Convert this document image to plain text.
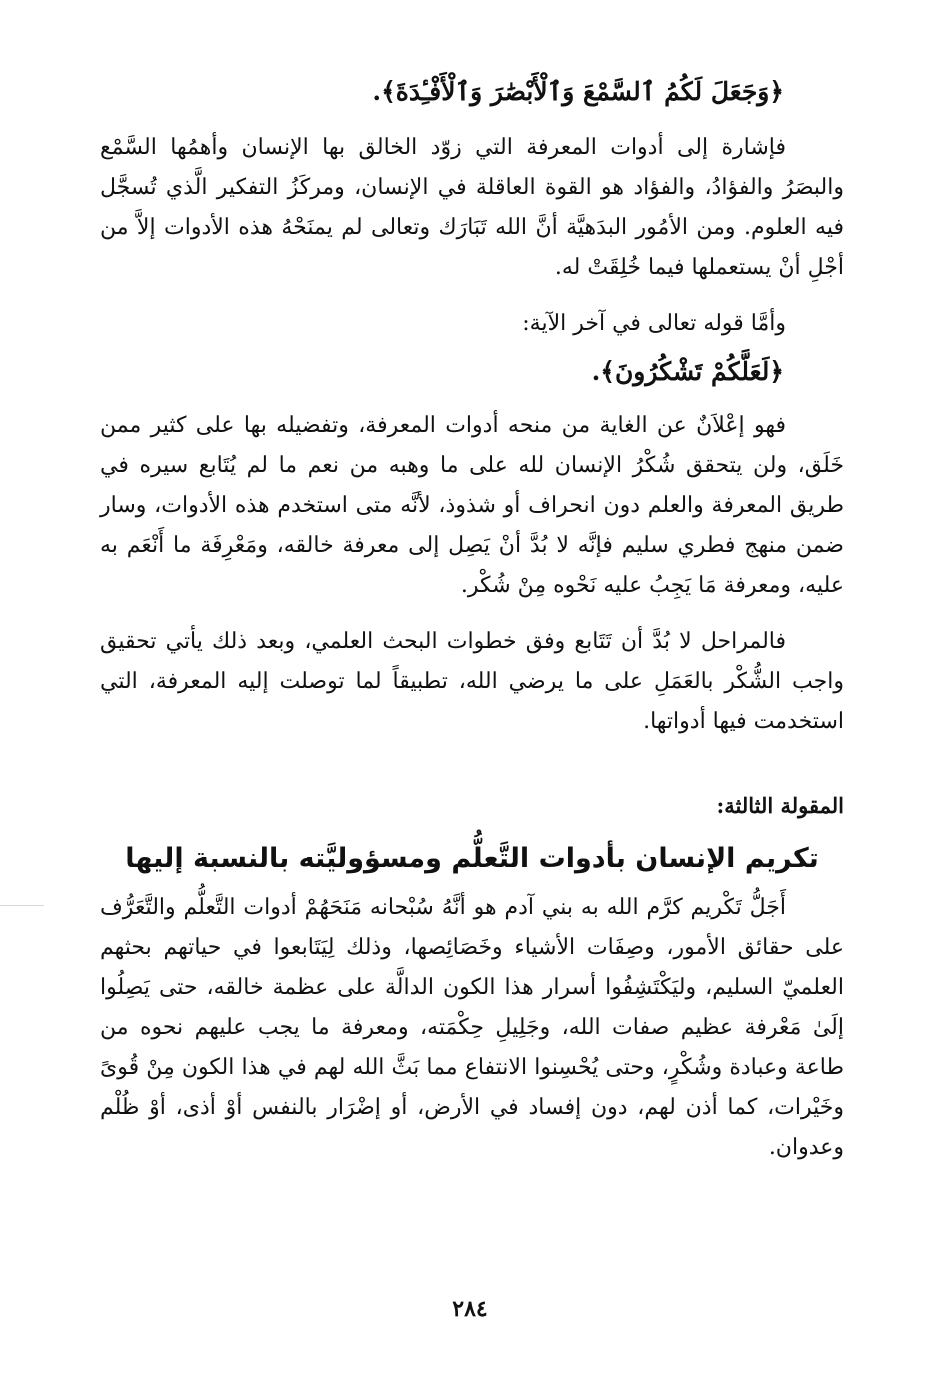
﴿وَجَعَلَ لَكُمُ ٱلسَّمْعَ وَٱلْأَبْصَٰرَ وَٱلْأَفْـِٔدَةَ﴾.

فإشارة إلى أدوات المعرفة التي زوّد الخالق بها الإنسان وأهمُها السَّمْع والبصَرُ والفؤادُ، والفؤاد هو القوة العاقلة في الإنسان، ومركَزُ التفكير الَّذي تُسجَّل فيه العلوم. ومن الأمُور البدَهيَّة أنَّ الله تَبَارَك وتعالى لم يمنَحْهُ هذه الأدوات إلاَّ من أجْلِ أنْ يستعملها فيما خُلِقَتْ له.

وأمَّا قوله تعالى في آخر الآية:

﴿لَعَلَّكُمْ تَشْكُرُونَ﴾.

فهو إعْلاَنٌ عن الغاية من منحه أدوات المعرفة، وتفضيله بها على كثير ممن خَلَق، ولن يتحقق شُكْرُ الإنسان لله على ما وهبه من نعم ما لم يُتَابع سيره في طريق المعرفة والعلم دون انحراف أو شذوذ، لأنَّه متى استخدم هذه الأدوات، وسار ضمن منهج فطري سليم فإنَّه لا بُدَّ أنْ يَصِل إلى معرفة خالقه، ومَعْرِفَة ما أَنْعَم به عليه، ومعرفة مَا يَجِبُ عليه نَحْوه مِنْ شُكْر.

فالمراحل لا بُدَّ أن تَتَابع وفق خطوات البحث العلمي، وبعد ذلك يأتي تحقيق واجب الشُّكْر بالعَمَلِ على ما يرضي الله، تطبيقاً لما توصلت إليه المعرفة، التي استخدمت فيها أدواتها.

المقولة الثالثة:

تكريم الإنسان بأدوات التَّعلُّم ومسؤوليَّته بالنسبة إليها

أَجَلُّ تَكْريم كرَّم الله به بني آدم هو أنَّهُ سُبْحانه مَنَحَهُمْ أدوات التَّعلُّم والتَّعَرُّف على حقائق الأمور، وصِفَات الأشياء وخَصَائِصها، وذلك لِيَتَابعوا في حياتهم بحثهم العلميّ السليم، وليَكْتَشِفُوا أسرار هذا الكون الدالَّة على عظمة خالقه، حتى يَصِلُوا إلَىٰ مَعْرفة عظيم صفات الله، وجَلِيلِ حِكْمَته، ومعرفة ما يجب عليهم نحوه من طاعة وعبادة وشُكْرٍ، وحتى يُحْسِنوا الانتفاع مما بَثَّ الله لهم في هذا الكون مِنْ قُوىً وخَيْرات، كما أذن لهم، دون إفساد في الأرض، أو إضْرَار بالنفس أوْ أذى، أوْ ظُلْم وعدوان.

٢٨٤
